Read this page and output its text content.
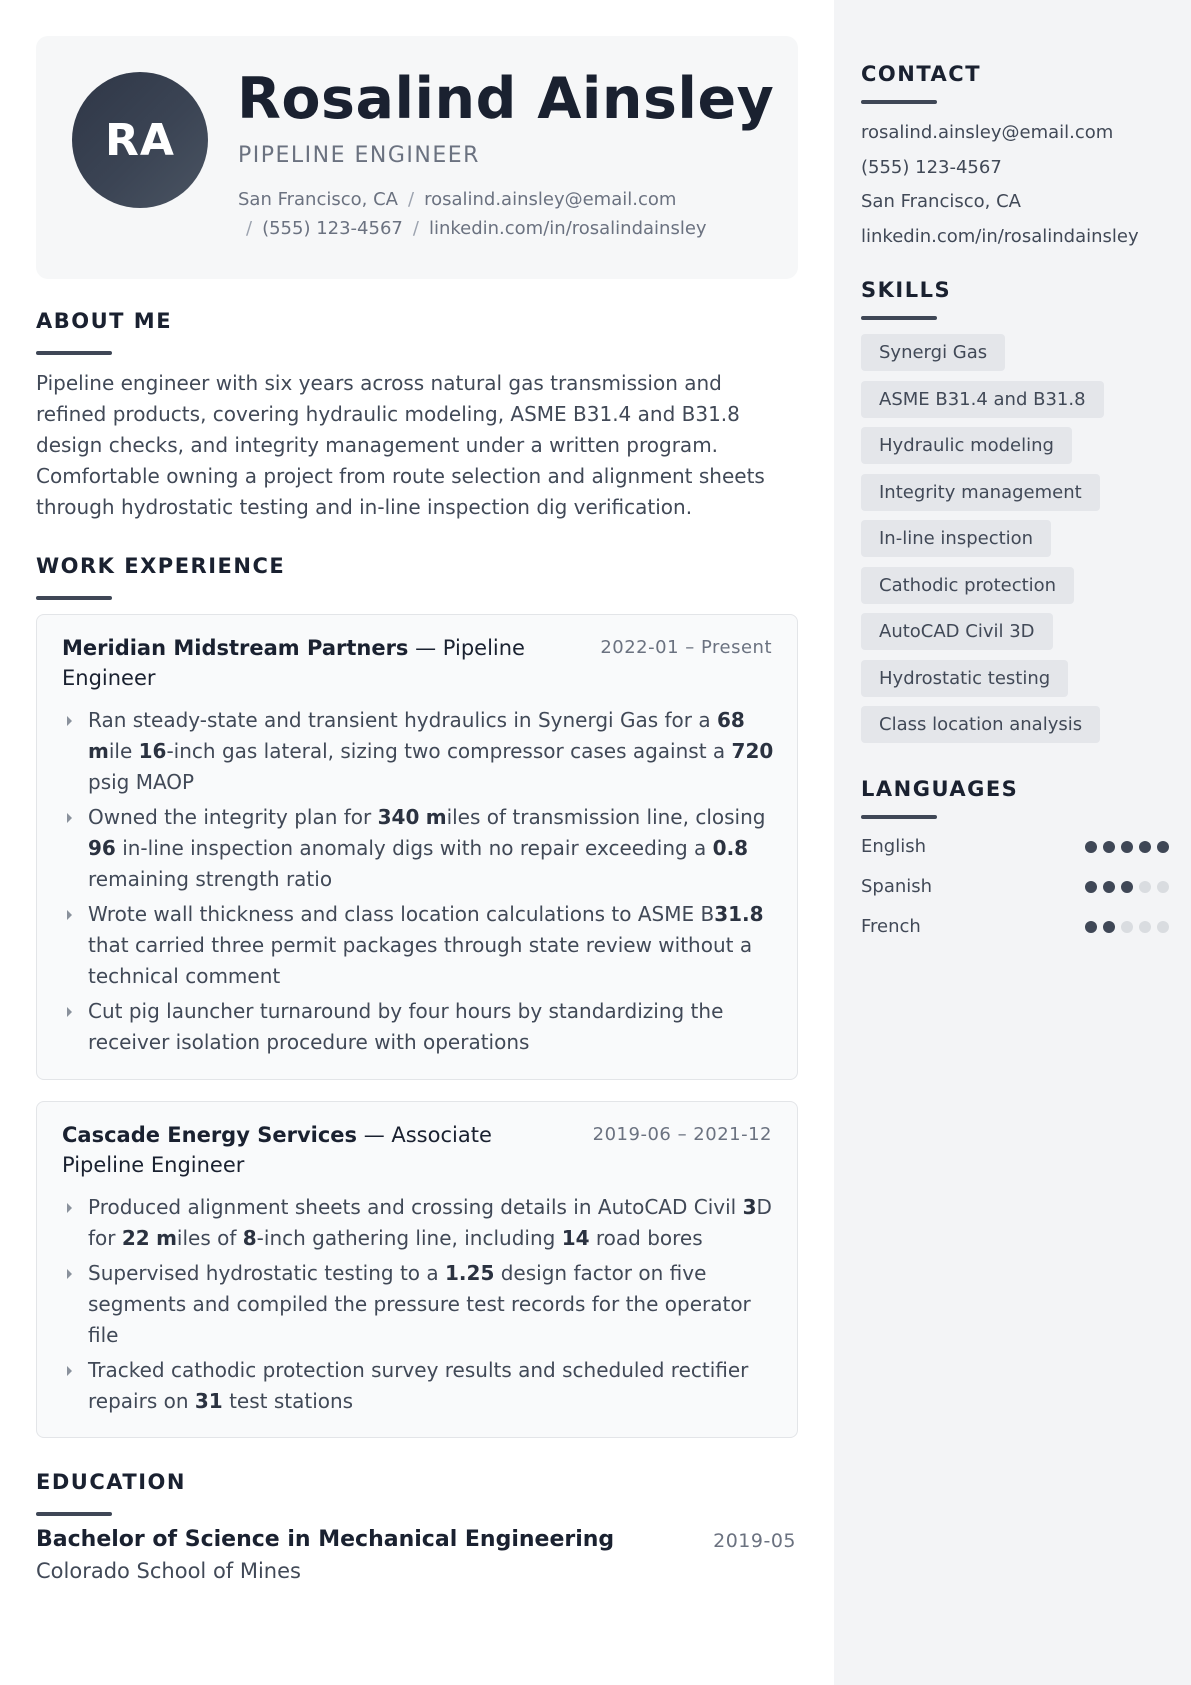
RA
Rosalind Ainsley
PIPELINE ENGINEER
San Francisco, CA / rosalind.ainsley@email.com
/ (555) 123-4567 / linkedin.com/in/rosalindainsley
ABOUT ME
Pipeline engineer with six years across natural gas transmission and refined products, covering hydraulic modeling, ASME B31.4 and B31.8 design checks, and integrity management under a written program. Comfortable owning a project from route selection and alignment sheets through hydrostatic testing and in-line inspection dig verification.
WORK EXPERIENCE
Meridian Midstream Partners — Pipeline Engineer
2022-01 – Present
Ran steady-state and transient hydraulics in Synergi Gas for a 68 mile 16-inch gas lateral, sizing two compressor cases against a 720 psig MAOP
Owned the integrity plan for 340 miles of transmission line, closing 96 in-line inspection anomaly digs with no repair exceeding a 0.8 remaining strength ratio
Wrote wall thickness and class location calculations to ASME B31.8 that carried three permit packages through state review without a technical comment
Cut pig launcher turnaround by four hours by standardizing the receiver isolation procedure with operations
Cascade Energy Services — Associate Pipeline Engineer
2019-06 – 2021-12
Produced alignment sheets and crossing details in AutoCAD Civil 3D for 22 miles of 8-inch gathering line, including 14 road bores
Supervised hydrostatic testing to a 1.25 design factor on five segments and compiled the pressure test records for the operator file
Tracked cathodic protection survey results and scheduled rectifier repairs on 31 test stations
EDUCATION
Bachelor of Science in Mechanical Engineering	2019-05
Colorado School of Mines
CONTACT
rosalind.ainsley@email.com
(555) 123-4567
San Francisco, CA
linkedin.com/in/rosalindainsley
SKILLS
Synergi Gas
ASME B31.4 and B31.8
Hydraulic modeling
Integrity management
In-line inspection
Cathodic protection
AutoCAD Civil 3D
Hydrostatic testing
Class location analysis
LANGUAGES
English
Spanish
French
